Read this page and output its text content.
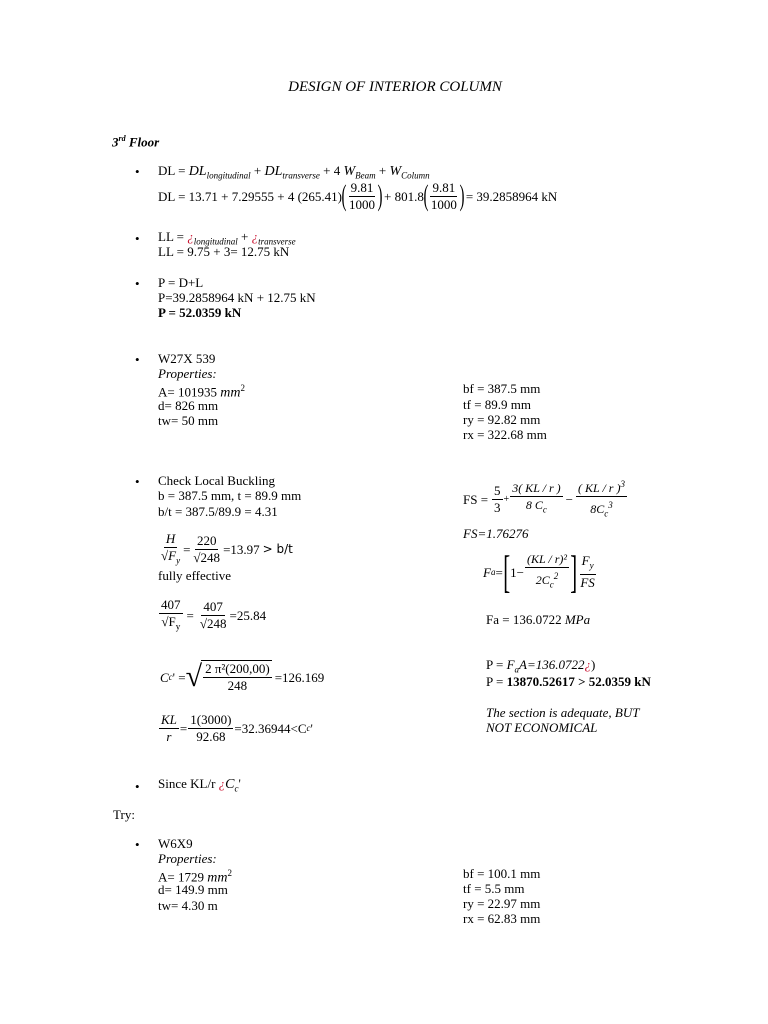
DESIGN OF INTERIOR COLUMN
3rd Floor
• DL = $DL_{longitudinal} + DL_{transverse} + 4$ $W_{Beam} + W_{Column}$
DL = 13.71 + 7.29555 + 4 (265.41) ( $\frac{9.81}{1000}$ ) + 801.8 ( $\frac{9.81}{1000}$ ) = 39.2858964 kN
• LL = ¿$_{longitudinal}$ + ¿$_{transverse}$
LL = 9.75 + 3= 12.75 kN
• P = D+L
P=39.2858964 kN + 12.75 kN
P = 52.0359 kN
• W27X 539
Properties:
A= 101935 $mm^2$
d= 826 mm
tw= 50 mm
bf = 387.5 mm
tf = 89.9 mm
ry = 92.82 mm
rx = 322.68 mm
• Check Local Buckling
b = 387.5 mm, t = 89.9 mm
b/t = 387.5/89.9 = 4.31
$\frac{H}{√F_y} = \frac{220}{√248} =13.97 > b/t$
fully effective
$\frac{407}{√F_y} = \frac{407}{√248} =25.84$
C c ' = √ $\frac{\text{2 π²(200,00)}}{248} =126.169$
$\frac{KL}{r} = \frac{1(3000)}{92.68} =32.36944<C$ c '
FS = $\frac{5}{3} + \frac{3( KL / r )}{8 C_c} - \frac{( KL / r )^3}{8C_c^3}$
FS=1.76276
F a = [ $1- \frac{\text{(KL / r)²}}{2C_c^2}$ ] $\frac{F_y}{FS}$
Fa = 136.0722 MPa
$P = F_aA=136.0722¿$)
P = 13870.52617 > 52.0359 kN
The section is adequate, BUT
NOT ECONOMICAL
• Since KL/r ¿$C_c'$
Try:
• W6X9
Properties:
A= 1729 $mm^2$
d= 149.9 mm
tw= 4.30 m
bf = 100.1 mm
tf = 5.5 mm
ry = 22.97 mm
rx = 62.83 mm
